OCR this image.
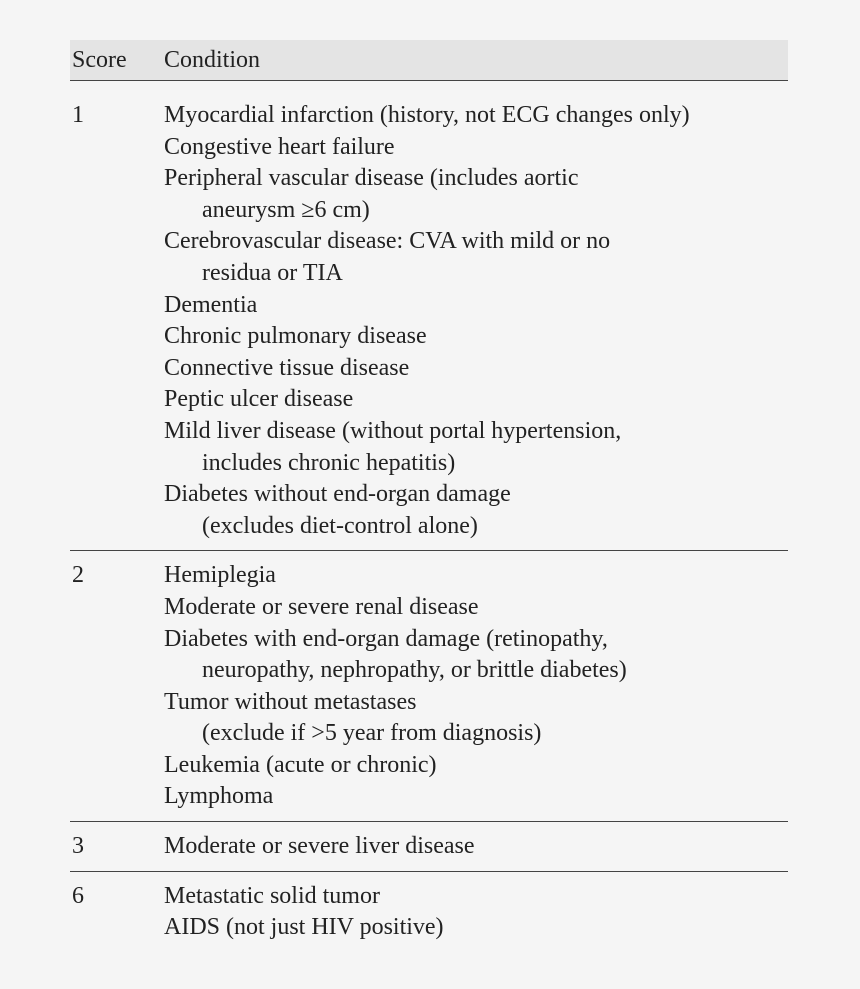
Score	Condition
1	Myocardial infarction (history, not ECG changes only)
Congestive heart failure
Peripheral vascular disease (includes aortic
aneurysm ≥6 cm)
Cerebrovascular disease: CVA with mild or no
residua or TIA
Dementia
Chronic pulmonary disease
Connective tissue disease
Peptic ulcer disease
Mild liver disease (without portal hypertension,
includes chronic hepatitis)
Diabetes without end-organ damage
(excludes diet-control alone)
2	Hemiplegia
Moderate or severe renal disease
Diabetes with end-organ damage (retinopathy,
neuropathy, nephropathy, or brittle diabetes)
Tumor without metastases
(exclude if >5 year from diagnosis)
Leukemia (acute or chronic)
Lymphoma
3	Moderate or severe liver disease
6	Metastatic solid tumor
AIDS (not just HIV positive)
